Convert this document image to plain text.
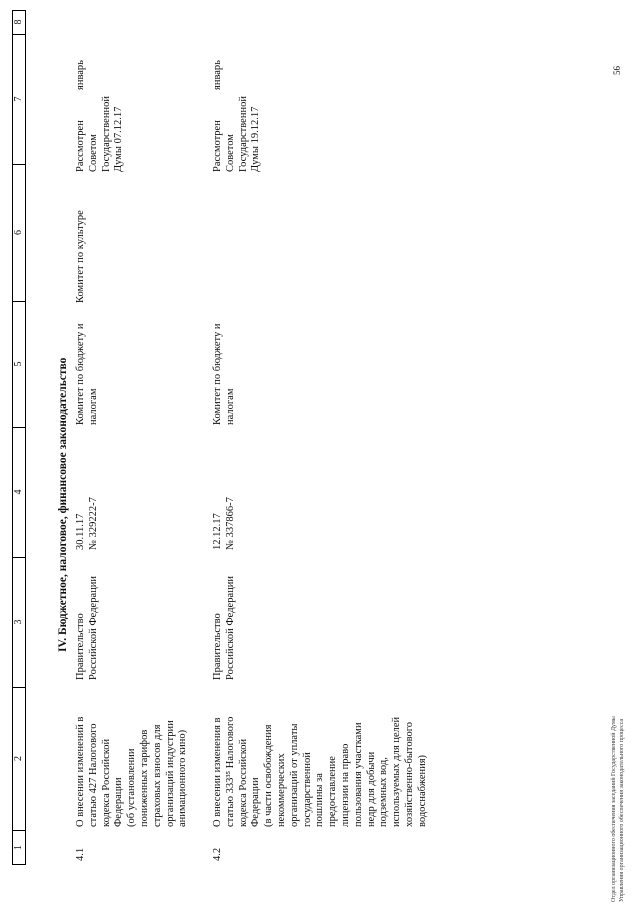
1
2
3
4
5
6
7
8
IV. Бюджетное, налоговое, финансовое законодательство
4.1
О внесении изменений в
статью 427 Налогового
кодекса Российской
Федерации
(об установлении
пониженных тарифов
страховых взносов для
организаций индустрии
анимационного кино)
Правительство
Российской Федерации
30.11.17
№ 329222-7
Комитет по бюджету и
налогам
Комитет по культуре
Рассмотрен
Советом
Государственной
Думы 07.12.17
январь
4.2
О внесении изменения в
статью 333³⁵ Налогового
кодекса Российской
Федерации
(в части освобождения
некоммерческих
организаций от уплаты
государственной
пошлины за
предоставление
лицензии на право
пользования участками
недр для добычи
подземных вод,
используемых для целей
хозяйственно-бытового
водоснабжения)
Правительство
Российской Федерации
12.12.17
№ 337866-7
Комитет по бюджету и
налогам
Рассмотрен
Советом
Государственной
Думы 19.12.17
январь
Отдел организационного обеспечения заседаний Государственной Думы
Управления организационного обеспечения законодательного процесса
56
